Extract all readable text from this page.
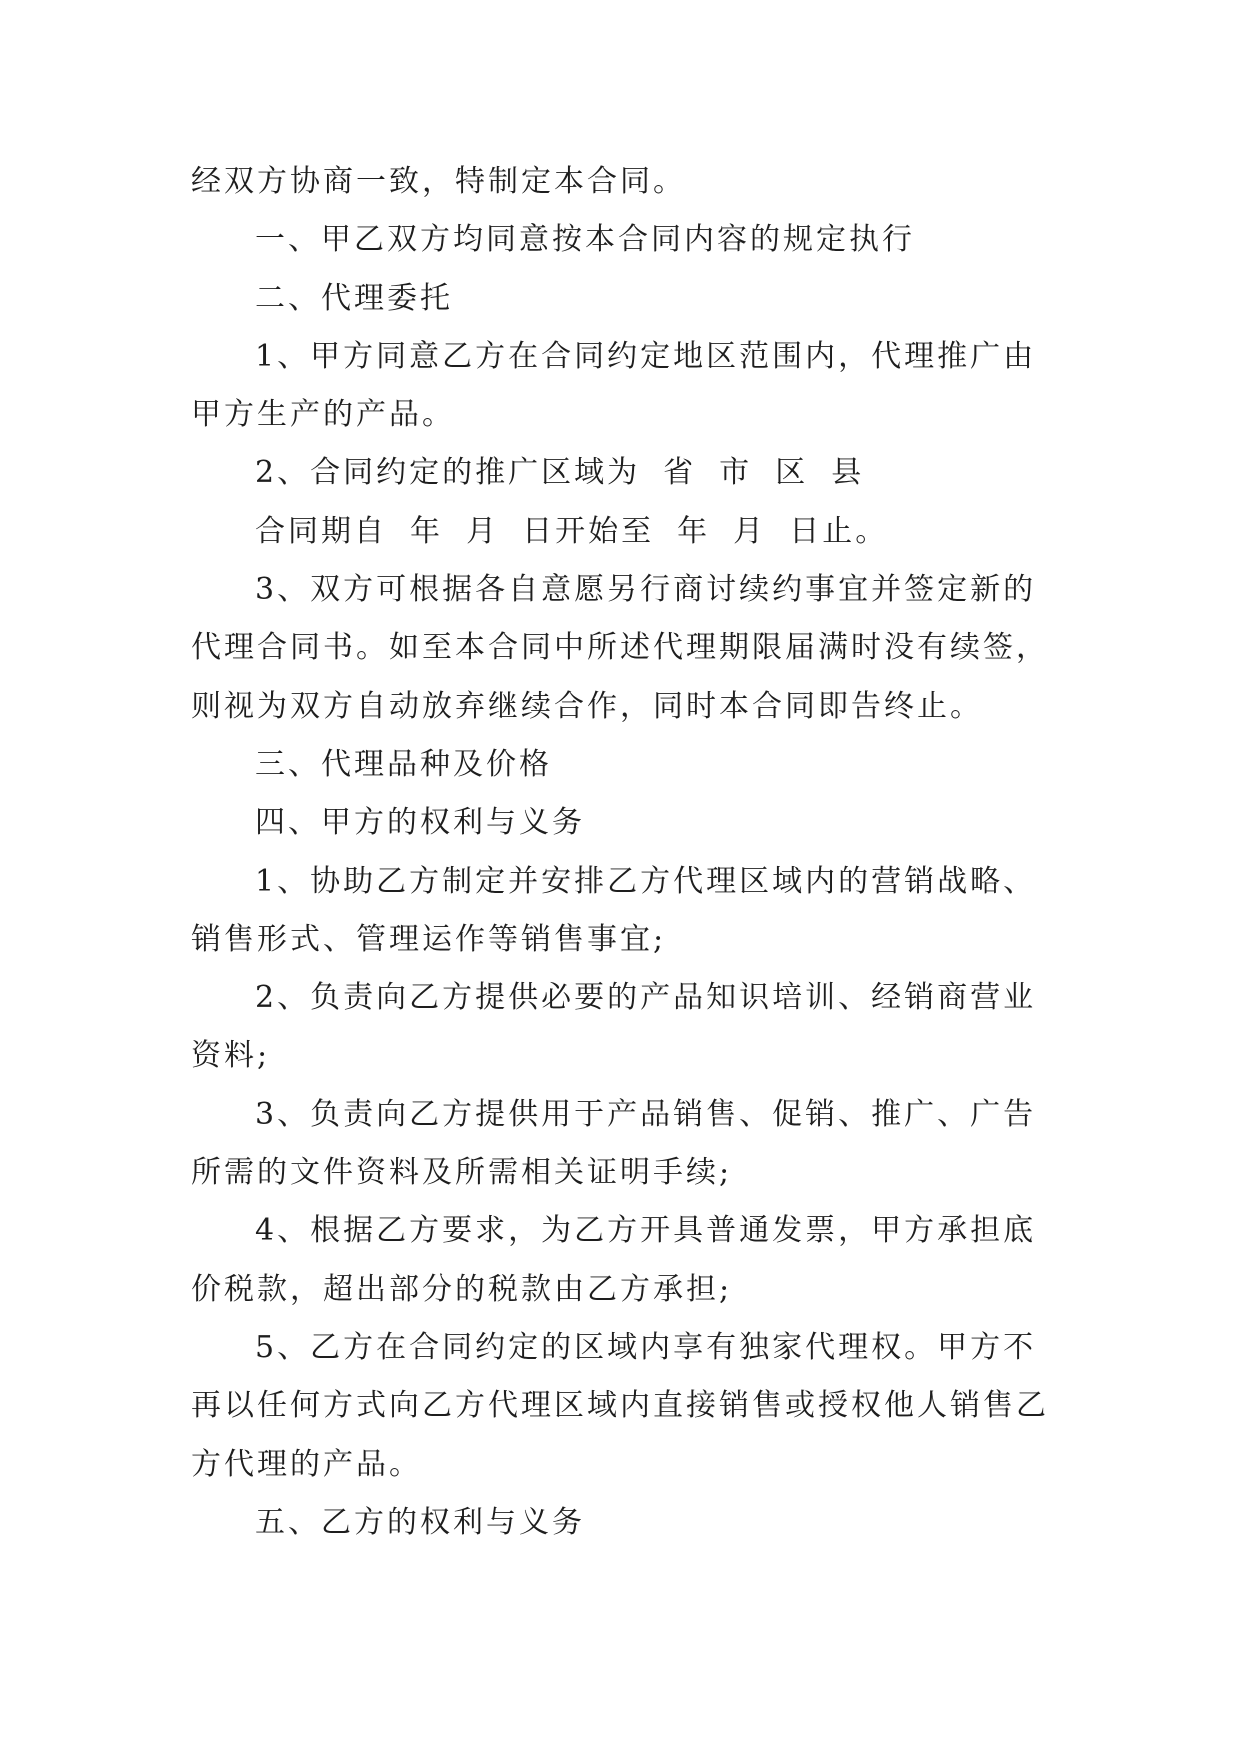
经双方协商一致，特制定本合同。

一、甲乙双方均同意按本合同内容的规定执行

二、代理委托

1、甲方同意乙方在合同约定地区范围内，代理推广由甲方生产的产品。

2、合同约定的推广区域为 省 市 区 县

合同期自 年 月 日开始至 年 月 日止。

3、双方可根据各自意愿另行商讨续约事宜并签定新的代理合同书。如至本合同中所述代理期限届满时没有续签，则视为双方自动放弃继续合作，同时本合同即告终止。

三、代理品种及价格

四、甲方的权利与义务

1、协助乙方制定并安排乙方代理区域内的营销战略、销售形式、管理运作等销售事宜;

2、负责向乙方提供必要的产品知识培训、经销商营业资料;

3、负责向乙方提供用于产品销售、促销、推广、广告所需的文件资料及所需相关证明手续;

4、根据乙方要求，为乙方开具普通发票，甲方承担底价税款，超出部分的税款由乙方承担;

5、乙方在合同约定的区域内享有独家代理权。甲方不再以任何方式向乙方代理区域内直接销售或授权他人销售乙方代理的产品。

五、乙方的权利与义务
